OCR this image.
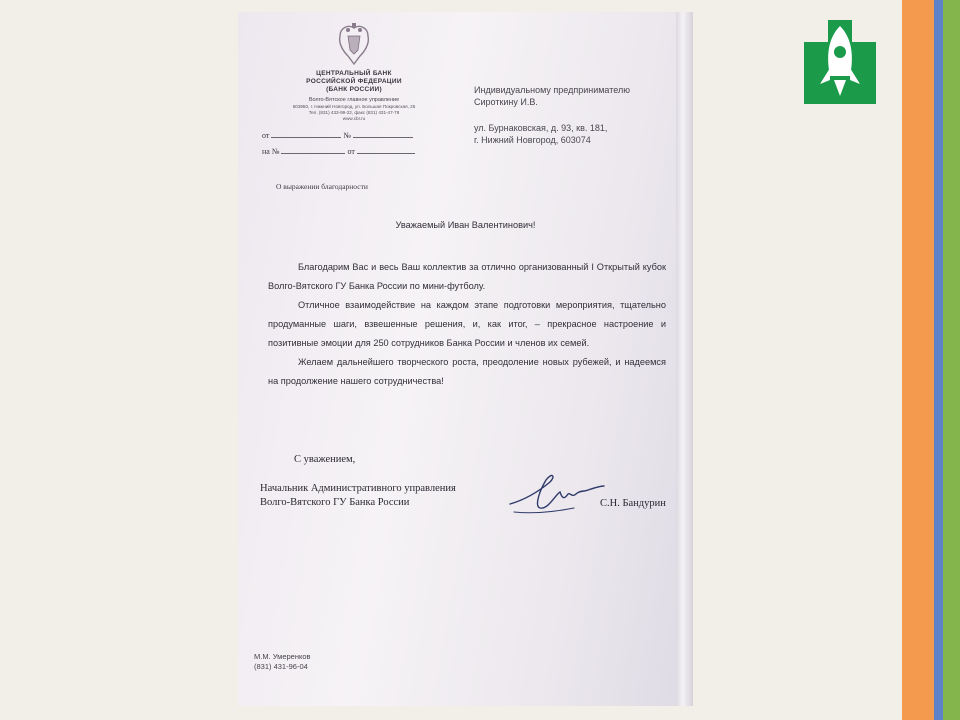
ЦЕНТРАЛЬНЫЙ БАНК
РОССИЙСКОЙ ФЕДЕРАЦИИ
(БАНК РОССИИ)
Волго-Вятское главное управление
603950, г. Нижний Новгород, ул. Большая Покровская, 26
Тел. (831) 433-99-22, факс (831) 431-47-78
www.cbr.ru
от	№
на №	от
О выражении благодарности
Индивидуальному предпринимателю
Сироткину И.В.
ул. Бурнаковская, д. 93, кв. 181,
г. Нижний Новгород, 603074
Уважаемый Иван Валентинович!

Благодарим Вас и весь Ваш коллектив за отлично организованный I Открытый кубок Волго-Вятского ГУ Банка России по мини-футболу.

Отличное взаимодействие на каждом этапе подготовки мероприятия, тщательно продуманные шаги, взвешенные решения, и, как итог, – прекрасное настроение и позитивные эмоции для 250 сотрудников Банка России и членов их семей.

Желаем дальнейшего творческого роста, преодоление новых рубежей, и надеемся на продолжение нашего сотрудничества!

С уважением,
Начальник Административного управления
Волго-Вятского ГУ Банка России	С.Н. Бандурин
М.М. Умеренков
(831) 431-96-04
